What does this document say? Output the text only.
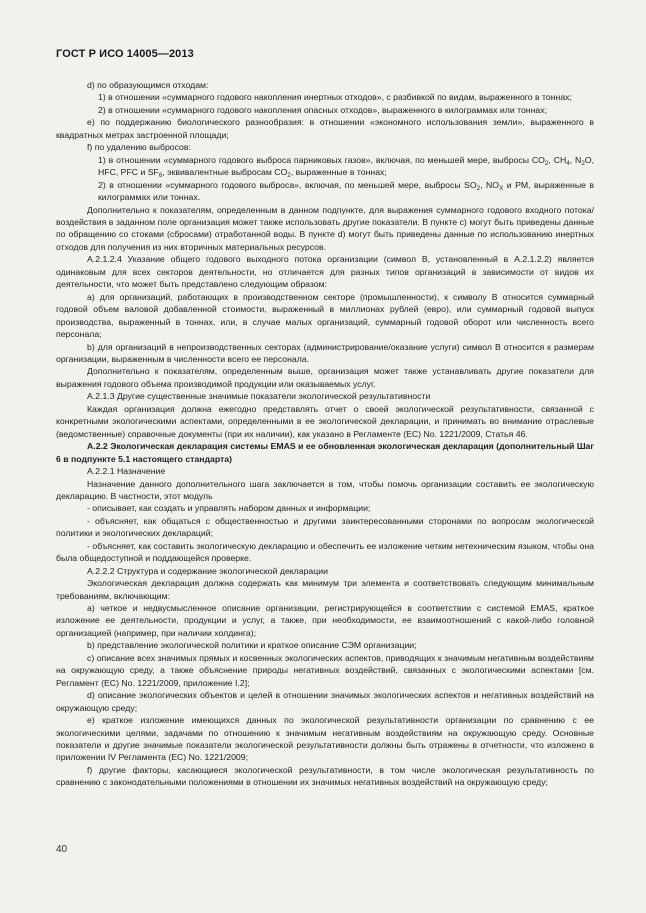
ГОСТ Р ИСО 14005—2013

d) по образующимся отходам:

1) в отношении «суммарного годового накопления инертных отходов», с разбивкой по видам, выраженного в тоннах;

2) в отношении «суммарного годового накопления опасных отходов», выраженного в килограммах или тоннах;

e) по поддержанию биологического разнообразия: в отношении «экономного использования земли», выраженного в квадратных метрах застроенной площади;

f) по удалению выбросов:

1) в отношении «суммарного годового выброса парниковых газов», включая, по меньшей мере, выбросы $CO_2$, $CH_4$, $N_2O$, HFC, PFC и $SF_6$, эквивалентные выбросам $CO_2$, выраженные в тоннах;

2) в отношении «суммарного годового выброса», включая, по меньшей мере, выбросы $SO_2$, $NO_X$ и PM, выраженные в килограммах или тоннах.

Дополнительно к показателям, определенным в данном подпункте, для выражения суммарного годового входного потока/воздействия в заданном поле организация может также использовать другие показатели. В пункте c) могут быть приведены данные по обращению со стоками (сбросами) отработанной воды. В пункте d) могут быть приведены данные по использованию инертных отходов для получения из них вторичных материальных ресурсов.

A.2.1.2.4 Указание общего годового выходного потока организации (символ B, установленный в A.2.1.2.2) является одинаковым для всех секторов деятельности, но отличается для разных типов организаций в зависимости от видов их деятельности, что может быть представлено следующим образом:

a) для организаций, работающих в производственном секторе (промышленности), к символу B относится суммарный годовой объем валовой добавленной стоимости, выраженный в миллионах рублей (евро), или суммарный годовой выпуск производства, выраженный в тоннах, или, в случае малых организаций, суммарный годовой оборот или численность всего персонала;

b) для организаций в непроизводственных секторах (администрирование/оказание услуги) символ B относится к размерам организации, выраженным в численности всего ее персонала.

Дополнительно к показателям, определенным выше, организация может также устанавливать другие показатели для выражения годового объема производимой продукции или оказываемых услуг.

A.2.1.3 Другие существенные значимые показатели экологической результативности

Каждая организация должна ежегодно представлять отчет о своей экологической результативности, связанной с конкретными экологическими аспектами, определенными в ее экологической декларации, и принимать во внимание отраслевые (ведомственные) справочные документы (при их наличии), как указано в Регламенте (EC) No. 1221/2009, Статья 46.

A.2.2 Экологическая декларация системы EMAS и ее обновленная экологическая декларация (дополнительный Шаг 6 в подпункте 5.1 настоящего стандарта)

A.2.2.1 Назначение

Назначение данного дополнительного шага заключается в том, чтобы помочь организации составить ее экологическую декларацию. В частности, этот модуль

- описывает, как создать и управлять набором данных и информации;

- объясняет, как общаться с общественностью и другими заинтересованными сторонами по вопросам экологической политики и экологических деклараций;

- объясняет, как составить экологическую декларацию и обеспечить ее изложение четким нетехническим языком, чтобы она была общедоступной и поддающейся проверке.

A.2.2.2 Структура и содержание экологической декларации

Экологическая декларация должна содержать как минимум три элемента и соответствовать следующим минимальным требованиям, включающим:

a) четкое и недвусмысленное описание организации, регистрирующейся в соответствии с системой EMAS, краткое изложение ее деятельности, продукции и услуг, а также, при необходимости, ее взаимоотношений с какой-либо головной организацией (например, при наличии холдинга);

b) представление экологической политики и краткое описание СЭМ организации;

c) описание всех значимых прямых и косвенных экологических аспектов, приводящих к значимым негативным воздействиям на окружающую среду, а также объяснение природы негативных воздействий, связанных с экологическими аспектами [см. Регламент (EC) No. 1221/2009, приложение I.2];

d) описание экологических объектов и целей в отношении значимых экологических аспектов и негативных воздействий на окружающую среду;

e) краткое изложение имеющихся данных по экологической результативности организации по сравнению с ее экологическими целями, задачами по отношению к значимым негативным воздействиям на окружающую среду. Основные показатели и другие значимые показатели экологической результативности должны быть отражены в отчетности, что изложено в приложении IV Регламента (EC) No. 1221/2009;

f) другие факторы, касающиеся экологической результативности, в том числе экологическая результативность по сравнению с законодательными положениями в отношении их значимых негативных воздействий на окружающую среду;

40
